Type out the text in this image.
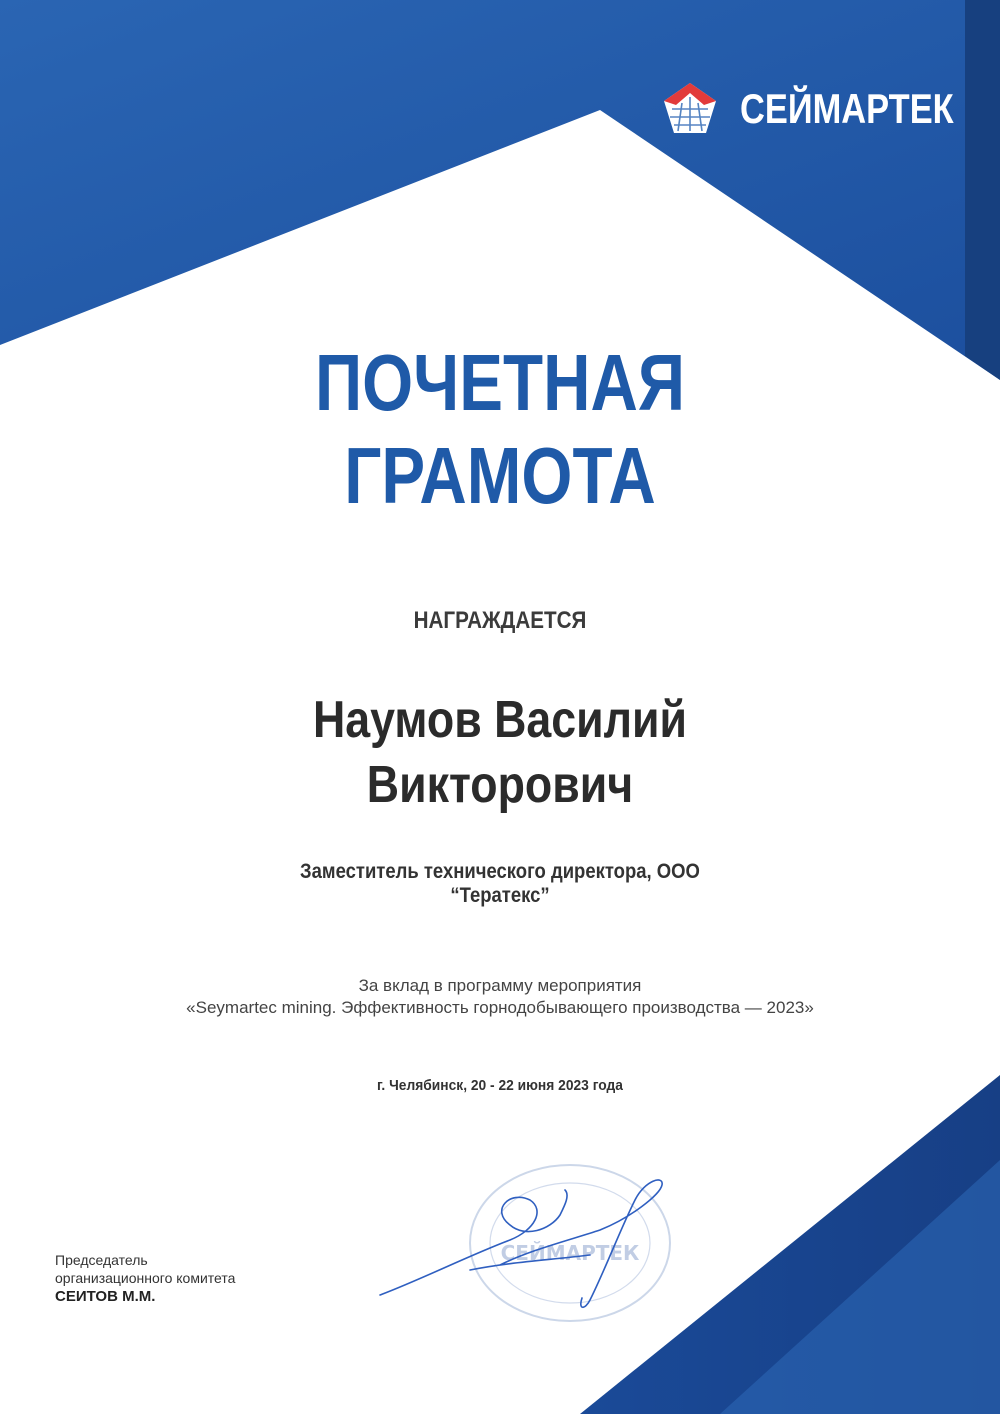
СЕЙМАРТЕК
ПОЧЕТНАЯ
ГРАМОТА
НАГРАЖДАЕТСЯ
Наумов Василий
Викторович
Заместитель технического директора, ООО
“Тератекс”
За вклад в программу мероприятия
«Seymartec mining. Эффективность горнодобывающего производства — 2023»
г. Челябинск, 20 - 22 июня 2023 года
СЕЙМАРТЕК
Председатель
организационного комитета
СЕИТОВ М.М.
